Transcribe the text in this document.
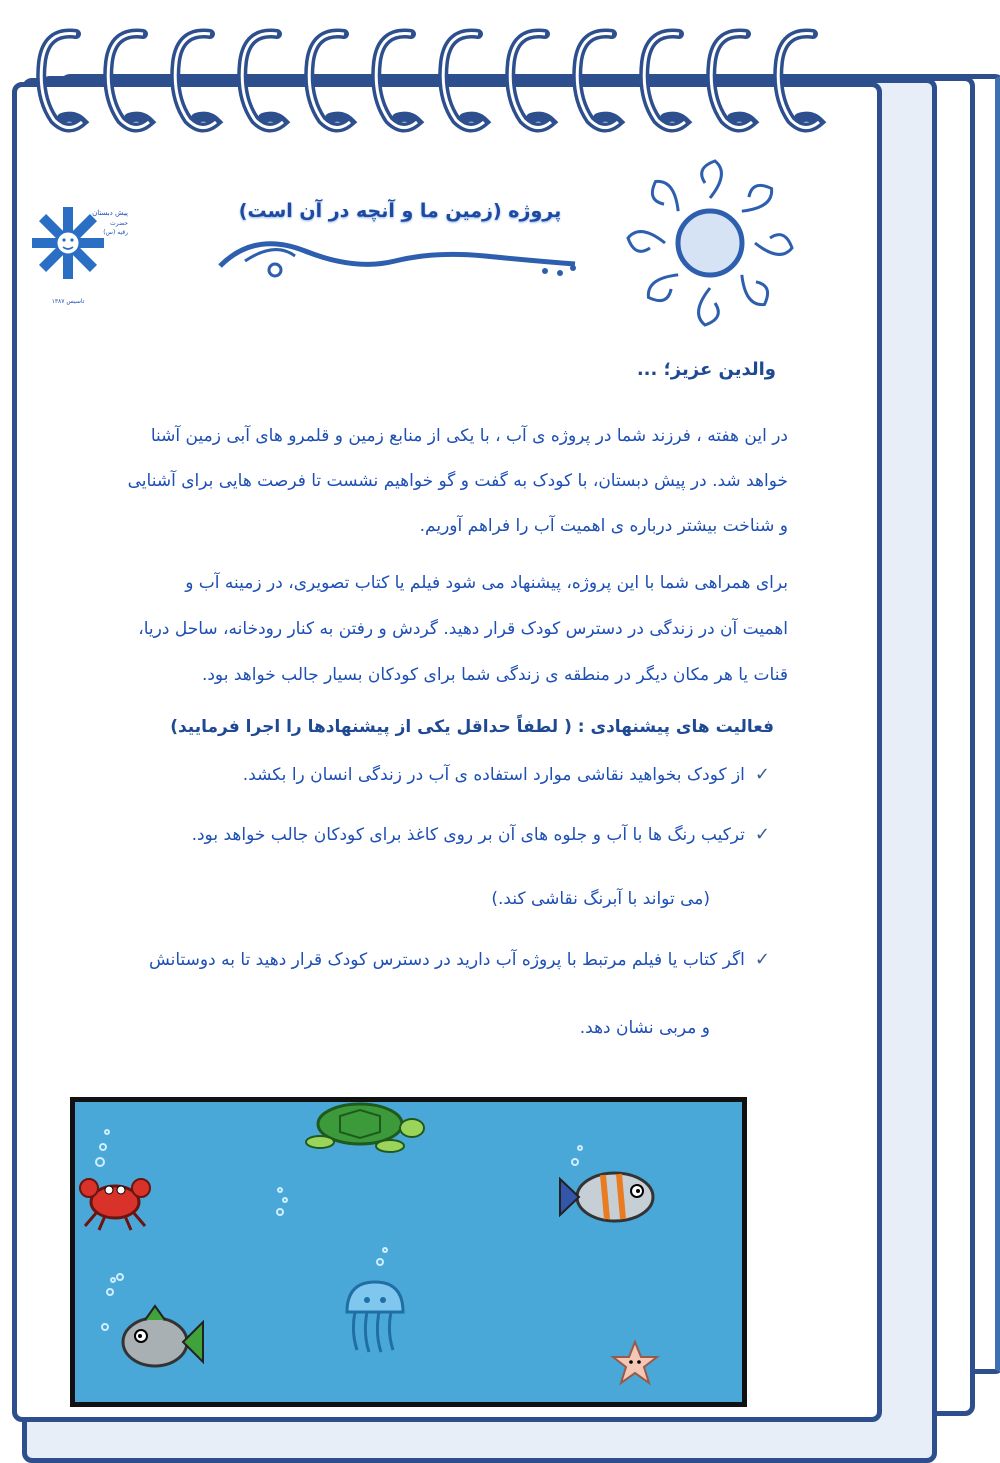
پیش دبستان
حضرت
رقیه (س)
تاسیس ۱۳۸۷
پروژه (زمین ما و آنچه در آن است)
والدین عزیز؛ ...
در این هفته ، فرزند شما در پروژه ی آب ، با یکی از منابع زمین و قلمرو های آبی زمین آشنا
خواهد شد. در پیش دبستان، با کودک به گفت و گو خواهیم نشست تا فرصت هایی برای آشنایی
و شناخت بیشتر درباره ی اهمیت آب را فراهم آوریم.
برای همراهی شما با این پروژه، پیشنهاد می شود فیلم یا کتاب تصویری، در زمینه آب و
اهمیت آن در زندگی در دسترس کودک قرار دهید. گردش و رفتن به کنار رودخانه، ساحل دریا،
قنات یا هر مکان دیگر در منطقه ی زندگی شما برای کودکان بسیار جالب خواهد بود.
فعالیت های پیشنهادی : ( لطفاً حداقل یکی از پیشنهادها را اجرا فرمایید)
✓از کودک بخواهید نقاشی موارد استفاده ی آب در زندگی انسان را بکشد.
✓ترکیب رنگ ها با آب و جلوه های آن بر روی کاغذ برای کودکان جالب خواهد بود.
(می تواند با آبرنگ نقاشی کند.)
✓اگر کتاب یا فیلم مرتبط با پروژه آب دارید در دسترس کودک قرار دهید تا به دوستانش
و مربی نشان دهد.
